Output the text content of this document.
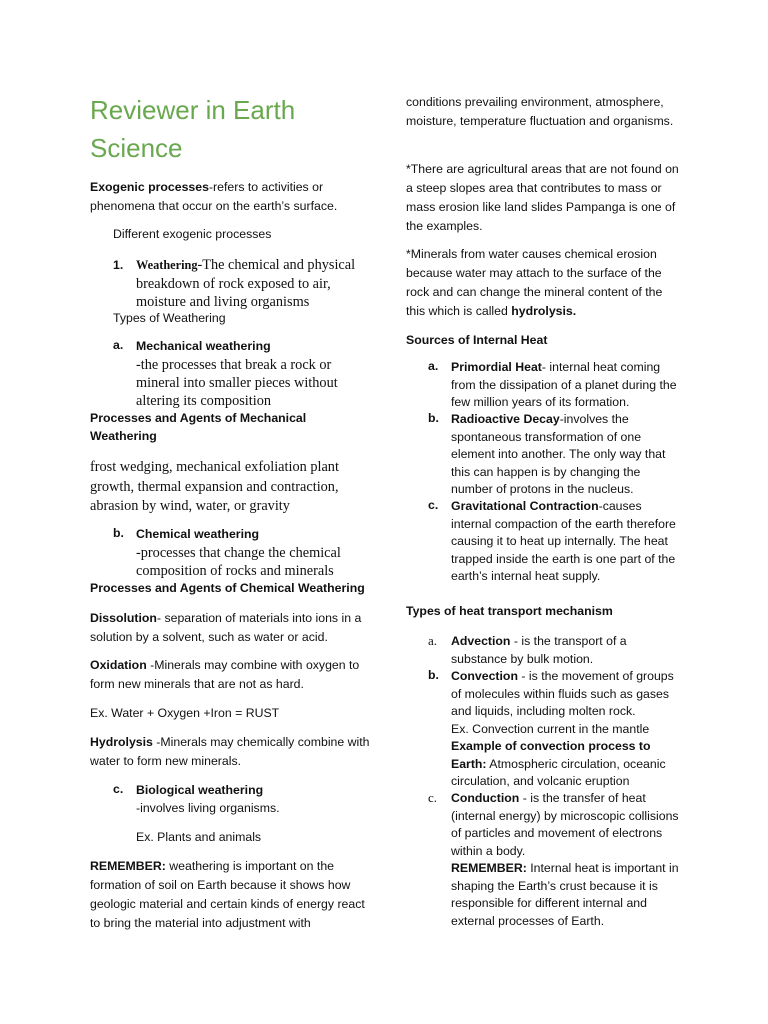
Reviewer in Earth
Science

Exogenic processes-refers to activities or phenomena that occur on the earth’s surface.

Different exogenic processes

1. Weathering-The chemical and physical breakdown of rock exposed to air, moisture and living organisms

Types of Weathering

a. Mechanical weathering
-the processes that break a rock or mineral into smaller pieces without altering its composition

Processes and Agents of Mechanical Weathering

frost wedging, mechanical exfoliation plant growth, thermal expansion and contraction, abrasion by wind, water, or gravity

b. Chemical weathering
-processes that change the chemical composition of rocks and minerals

Processes and Agents of Chemical Weathering

Dissolution- separation of materials into ions in a solution by a solvent, such as water or acid.

Oxidation -Minerals may combine with oxygen to form new minerals that are not as hard.

Ex. Water + Oxygen +Iron = RUST

Hydrolysis -Minerals may chemically combine with water to form new minerals.

c. Biological weathering
-involves living organisms.

Ex. Plants and animals

REMEMBER: weathering is important on the formation of soil on Earth because it shows how geologic material and certain kinds of energy react to bring the material into adjustment with

conditions prevailing environment, atmosphere, moisture, temperature fluctuation and organisms.

*There are agricultural areas that are not found on a steep slopes area that contributes to mass or mass erosion like land slides Pampanga is one of the examples.

*Minerals from water causes chemical erosion because water may attach to the surface of the rock and can change the mineral content of the this which is called hydrolysis.

Sources of Internal Heat

a. Primordial Heat- internal heat coming from the dissipation of a planet during the few million years of its formation.
b. Radioactive Decay-involves the spontaneous transformation of one element into another. The only way that this can happen is by changing the number of protons in the nucleus.
c. Gravitational Contraction-causes internal compaction of the earth therefore causing it to heat up internally. The heat trapped inside the earth is one part of the earth’s internal heat supply.

Types of heat transport mechanism

a. Advection - is the transport of a substance by bulk motion.
b. Convection - is the movement of groups of molecules within fluids such as gases and liquids, including molten rock.
Ex. Convection current in the mantle
Example of convection process to Earth: Atmospheric circulation, oceanic circulation, and volcanic eruption
c. Conduction - is the transfer of heat (internal energy) by microscopic collisions of particles and movement of electrons within a body.
REMEMBER: Internal heat is important in shaping the Earth’s crust because it is responsible for different internal and external processes of Earth.
